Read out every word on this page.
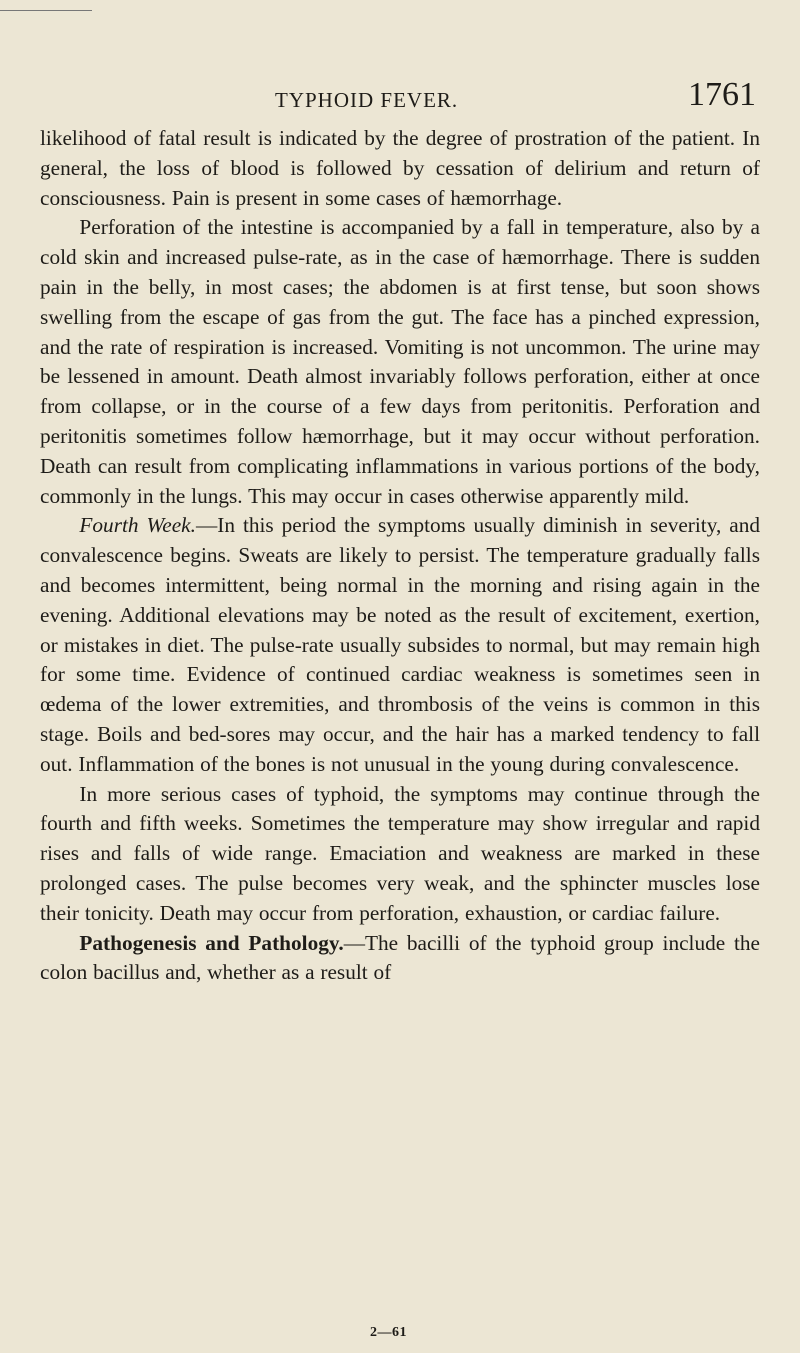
TYPHOID FEVER.	1761

likelihood of fatal result is indicated by the degree of prostration of the patient. In general, the loss of blood is followed by cessation of delirium and return of consciousness. Pain is present in some cases of hæmorrhage.

Perforation of the intestine is accompanied by a fall in temperature, also by a cold skin and increased pulse-rate, as in the case of hæmorrhage. There is sudden pain in the belly, in most cases; the abdomen is at first tense, but soon shows swelling from the escape of gas from the gut. The face has a pinched expression, and the rate of respiration is increased. Vomiting is not uncommon. The urine may be lessened in amount. Death almost invariably follows perforation, either at once from collapse, or in the course of a few days from peritonitis. Perforation and peritonitis sometimes follow hæmorrhage, but it may occur without perforation. Death can result from complicating inflammations in various portions of the body, commonly in the lungs. This may occur in cases otherwise apparently mild.

Fourth Week.—In this period the symptoms usually diminish in severity, and convalescence begins. Sweats are likely to persist. The temperature gradually falls and becomes intermittent, being normal in the morning and rising again in the evening. Additional elevations may be noted as the result of excitement, exertion, or mistakes in diet. The pulse-rate usually subsides to normal, but may remain high for some time. Evidence of continued cardiac weakness is sometimes seen in œdema of the lower extremities, and thrombosis of the veins is common in this stage. Boils and bed-sores may occur, and the hair has a marked tendency to fall out. Inflammation of the bones is not unusual in the young during convalescence.

In more serious cases of typhoid, the symptoms may continue through the fourth and fifth weeks. Sometimes the temperature may show irregular and rapid rises and falls of wide range. Emaciation and weakness are marked in these prolonged cases. The pulse becomes very weak, and the sphincter muscles lose their tonicity. Death may occur from perforation, exhaustion, or cardiac failure.

Pathogenesis and Pathology.—The bacilli of the typhoid group include the colon bacillus and, whether as a result of

2—61
